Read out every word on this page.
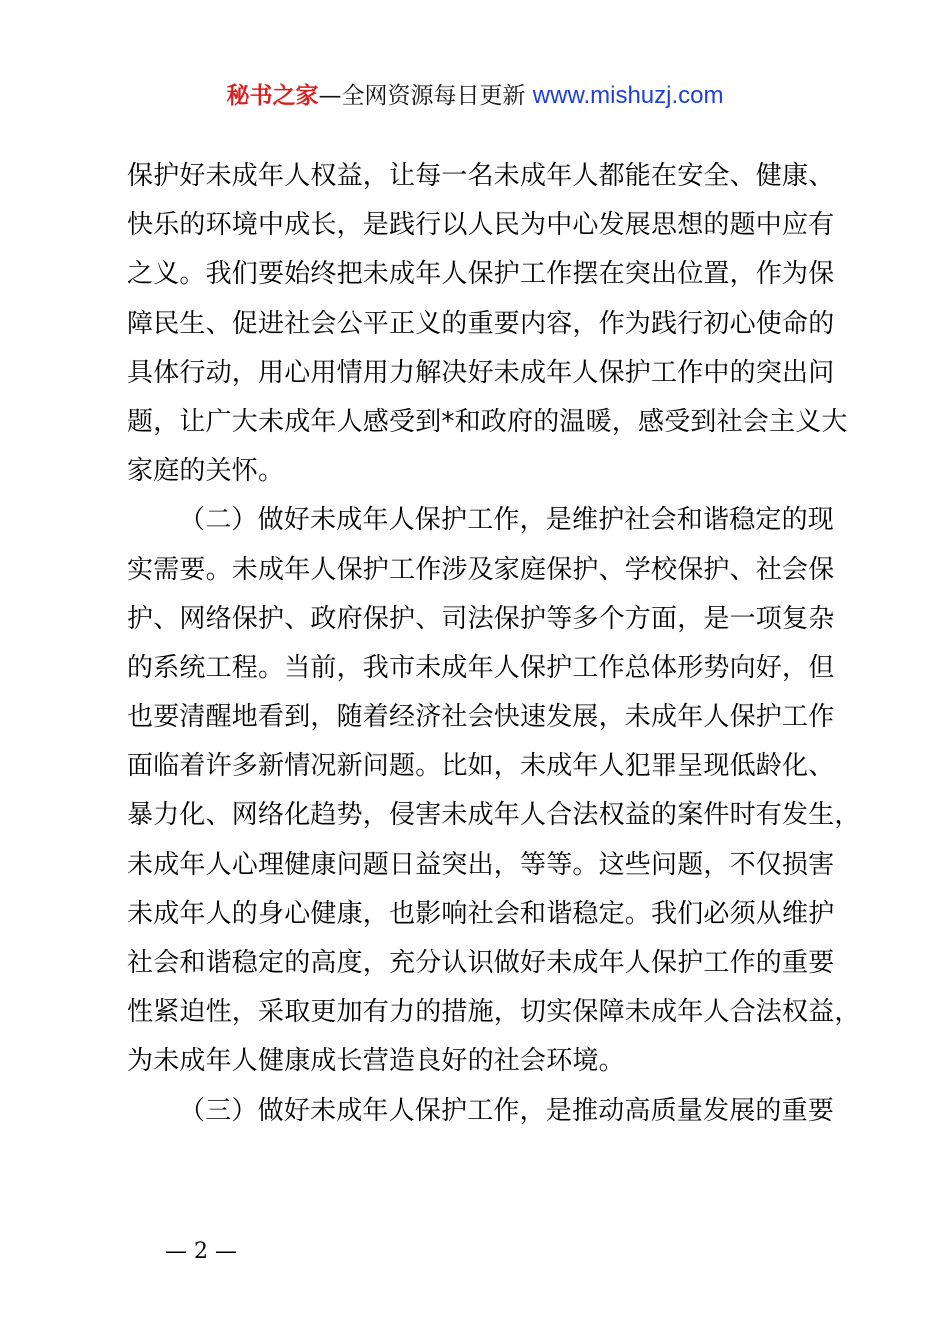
秘书之家—全网资源每日更新 www.mishuzj.com
保护好未成年人权益，让每一名未成年人都能在安全、健康、
快乐的环境中成长，是践行以人民为中心发展思想的题中应有
之义。我们要始终把未成年人保护工作摆在突出位置，作为保
障民生、促进社会公平正义的重要内容，作为践行初心使命的
具体行动，用心用情用力解决好未成年人保护工作中的突出问
题，让广大未成年人感受到*和政府的温暖，感受到社会主义大
家庭的关怀。
（二）做好未成年人保护工作，是维护社会和谐稳定的现
实需要。未成年人保护工作涉及家庭保护、学校保护、社会保
护、网络保护、政府保护、司法保护等多个方面，是一项复杂
的系统工程。当前，我市未成年人保护工作总体形势向好，但
也要清醒地看到，随着经济社会快速发展，未成年人保护工作
面临着许多新情况新问题。比如，未成年人犯罪呈现低龄化、
暴力化、网络化趋势，侵害未成年人合法权益的案件时有发生，
未成年人心理健康问题日益突出，等等。这些问题，不仅损害
未成年人的身心健康，也影响社会和谐稳定。我们必须从维护
社会和谐稳定的高度，充分认识做好未成年人保护工作的重要
性紧迫性，采取更加有力的措施，切实保障未成年人合法权益，
为未成年人健康成长营造良好的社会环境。
（三）做好未成年人保护工作，是推动高质量发展的重要
— 2 —
